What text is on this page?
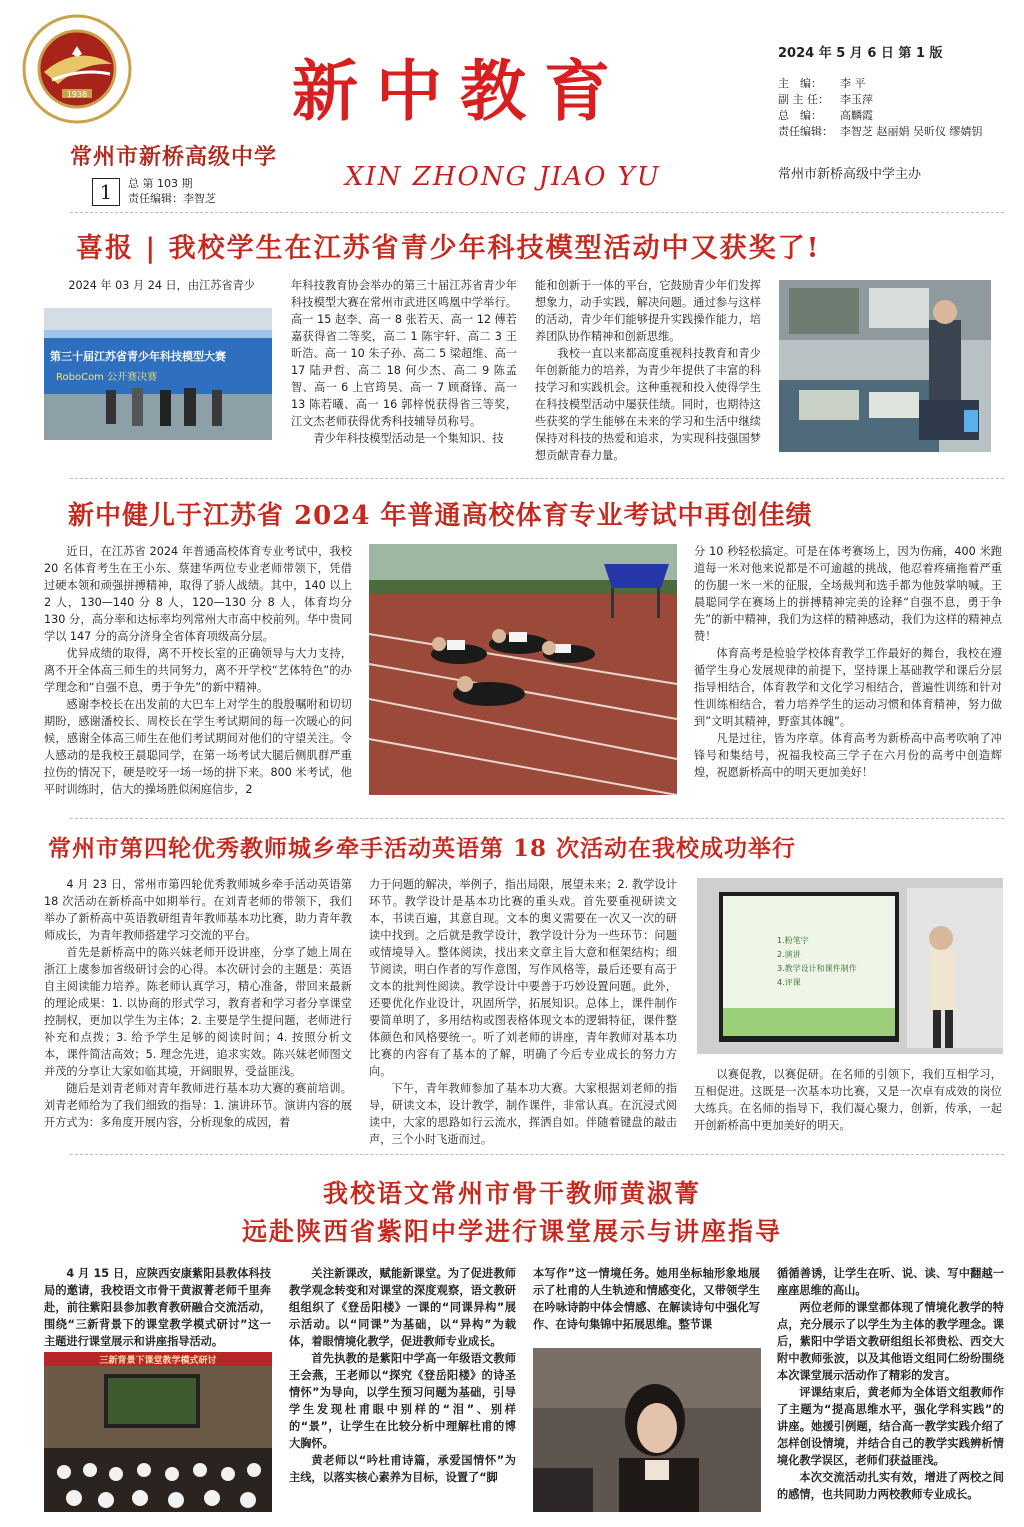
1938
常州市新桥高级中学
1	总 第 103 期
责任编辑：李智芝
新中教育
XIN ZHONG JIAO YU
2024 年 5 月 6 日 第 1 版
主　编： 李 平
副 主 任： 李玉萍
总　编： 高麟霞
责任编辑： 李智芝 赵丽娟 吴昕仪 缪婧钥
常州市新桥高级中学主办
喜报 | 我校学生在江苏省青少年科技模型活动中又获奖了!

2024 年 03 月 24 日，由江苏省青少

第三十届江苏省青少年科技模型大赛
RoboCom 公开赛决赛

年科技教育协会举办的第三十届江苏省青少年科技模型大赛在常州市武进区鸣凰中学举行。高一 15 赵李、高一 8 张若天、高一 12 傅若嘉获得省二等奖，高二 1 陈宇轩、高二 3 王昕浩、高一 10 朱子孙、高二 5 梁超维、高一 17 陆尹哲、高二 18 何少杰、高二 9 陈孟智、高一 6 上官筠昊、高一 7 顾裔锋、高一 13 陈若曦、高一 16 郭梓悦获得省三等奖，江文杰老师获得优秀科技辅导员称号。

青少年科技模型活动是一个集知识、技

能和创新于一体的平台，它鼓励青少年们发挥想象力，动手实践，解决问题。通过参与这样的活动，青少年们能够提升实践操作能力，培养团队协作精神和创新思维。

我校一直以来都高度重视科技教育和青少年创新能力的培养，为青少年提供了丰富的科技学习和实践机会。这种重视和投入使得学生在科技模型活动中屡获佳绩。同时，也期待这些获奖的学生能够在未来的学习和生活中继续保持对科技的热爱和追求，为实现科技强国梦想贡献青春力量。

新中健儿于江苏省 2024 年普通高校体育专业考试中再创佳绩

近日，在江苏省 2024 年普通高校体育专业考试中，我校 20 名体育考生在王小东、蔡建华两位专业老师带领下，凭借过硬本领和顽强拼搏精神，取得了骄人战绩。其中，140 以上 2 人，130—140 分 8 人，120—130 分 8 人，体育均分 130 分，高分率和达标率均列常州大市高中校前列。华中贵同学以 147 分的高分济身全省体育项级高分层。

优异成绩的取得，离不开校长室的正确领导与大力支持，离不开全体高三师生的共同努力，离不开学校“艺体特色”的办学理念和“自强不息，勇于争先”的新中精神。

感谢李校长在出发前的大巴车上对学生的殷殷嘱咐和切切期盼，感谢潘校长、周校长在学生考试期间的每一次暖心的问候，感谢全体高三师生在他们考试期间对他们的守望关注。令人感动的是我校王晨聪同学，在第一场考试大腿后侧肌群严重拉伤的情况下，硬是咬牙一场一场的拼下来。800 米考试，他平时训练时，佶大的操场胜似闲庭信步，2

分 10 秒轻松搞定。可是在体考赛场上，因为伤痛，400 米跑道每一米对他来说都是不可逾越的挑战，他忍着疼痛拖着严重的伤腿一米一米的征服，全场裁判和选手都为他鼓掌呐喊。王晨聪同学在赛场上的拼搏精神完美的诠释“自强不息，勇于争先”的新中精神，我们为这样的精神感动，我们为这样的精神点赞！

体育高考是检验学校体育教学工作最好的舞台，我校在遵循学生身心发展规律的前提下，坚持课上基础教学和课后分层指导相结合，体育教学和文化学习相结合，普遍性训练和针对性训练相结合，着力培养学生的运动习惯和体育精神，努力做到”文明其精神，野蛮其体魄”。

凡是过往，皆为序章。体育高考为新桥高中高考吹响了冲锋号和集结号，祝福我校高三学子在六月份的高考中创造辉煌，祝愿新桥高中的明天更加美好！

常州市第四轮优秀教师城乡牵手活动英语第 18 次活动在我校成功举行

4 月 23 日，常州市第四轮优秀教师城乡牵手活动英语第 18 次活动在新桥高中如期举行。在刘青老师的带领下，我们举办了新桥高中英语教研组青年教师基本功比赛，助力青年教师成长，为青年教师搭建学习交流的平台。

首先是新桥高中的陈兴妹老师开设讲座，分享了她上周在浙江上虞参加省级研讨会的心得。本次研讨会的主题是：英语自主阅读能力培养。陈老师认真学习，精心准备，带回来最新的理论成果：1. 以协商的形式学习，教育者和学习者分享课堂控制权，更加以学生为主体；2. 主要是学生提问题，老师进行补充和点拨；3. 给予学生足够的阅读时间；4. 按照分析文本，课件简洁高效；5. 理念先进，追求实效。陈兴妹老师图文并茂的分享让大家如临其境，开阔眼界，受益匪浅。

随后是刘青老师对青年教师进行基本功大赛的赛前培训。刘青老师给为了我们细致的指导：1. 演讲环节。演讲内容的展开方式为：多角度开展内容，分析现象的成因，着

力于问题的解决，举例子，指出局限，展望未来；2. 教学设计环节。教学设计是基本功比赛的重头戏。首先要重视研读文本，书读百遍，其意自现。文本的奥义需要在一次又一次的研读中找到。之后就是教学设计，教学设计分为一些环节：问题或情境导入。整体阅读，找出来文章主旨大意和框架结构；细节阅读，明白作者的写作意图，写作风格等，最后还要有高于文本的批判性阅读。教学设计中要善于巧妙设置问题。此外，还要优化作业设计，巩固所学，拓展知识。总体上，课件制作要简单明了，多用结构或图表格体现文本的逻辑特征，课件整体颜色和风格要统一。听了刘老师的讲座，青年教师对基本功比赛的内容有了基本的了解，明确了今后专业成长的努力方向。

下午，青年教师参加了基本功大赛。大家根据刘老师的指导，研读文本，设计教学，制作课件，非常认真。在沉浸式阅读中，大家的思路如行云流水，挥洒自如。伴随着键盘的敲击声，三个小时飞逝而过。

1.粉笔字
2.演讲
3.教学设计和课件制作
4.评课

以赛促教，以赛促研。在名师的引领下，我们互相学习，互相促进。这既是一次基本功比赛，又是一次卓有成效的岗位大练兵。在名师的指导下，我们凝心聚力，创新，传承，一起开创新桥高中更加美好的明天。

我校语文常州市骨干教师黄淑菁
远赴陕西省紫阳中学进行课堂展示与讲座指导

4 月 15 日，应陕西安康紫阳县教体科技局的邀请，我校语文市骨干黄淑菁老师千里奔赴，前往紫阳县参加教育教研融合交流活动，围绕“三新背景下的课堂教学模式研讨”这一主题进行课堂展示和讲座指导活动。

三新背景下课堂教学模式研讨

关注新课改，赋能新课堂。为了促进教师教学观念转变和对课堂的深度观察，语文教研组组织了《登岳阳楼》一课的“同课异构”展示活动。以“同课”为基础，以“异构”为载体，着眼情境化教学，促进教师专业成长。

首先执教的是紫阳中学高一年级语文教师王会燕，王老师以“探究《登岳阳楼》的诗圣情怀”为导向，以学生预习问题为基础，引导学生发现杜甫眼中别样的“泪”、别样的“景”，让学生在比较分析中理解杜甫的博大胸怀。

黄老师以“吟杜甫诗篇，承爱国情怀”为主线，以落实核心素养为目标，设置了“脚

本写作”这一情境任务。她用坐标轴形象地展示了杜甫的人生轨迹和情感变化，又带领学生在吟咏诗韵中体会情感、在解读诗句中强化写作、在诗句集锦中拓展思维。整节课

循循善诱，让学生在听、说、读、写中翻越一座座思维的高山。

两位老师的课堂都体现了情境化教学的特点，充分展示了以学生为主体的教学理念。课后，紫阳中学语文教研组组长祁贵松、西交大附中教师张波，以及其他语文组同仁纷纷围绕本次课堂展示活动作了精彩的发言。

评课结束后，黄老师为全体语文组教师作了主题为“提高思维水平，强化学科实践”的讲座。她援引例题，结合高一教学实践介绍了怎样创设情境，并结合自己的教学实践辨析情境化教学误区，老师们获益匪浅。

本次交流活动扎实有效，增进了两校之间的感情，也共同助力两校教师专业成长。
